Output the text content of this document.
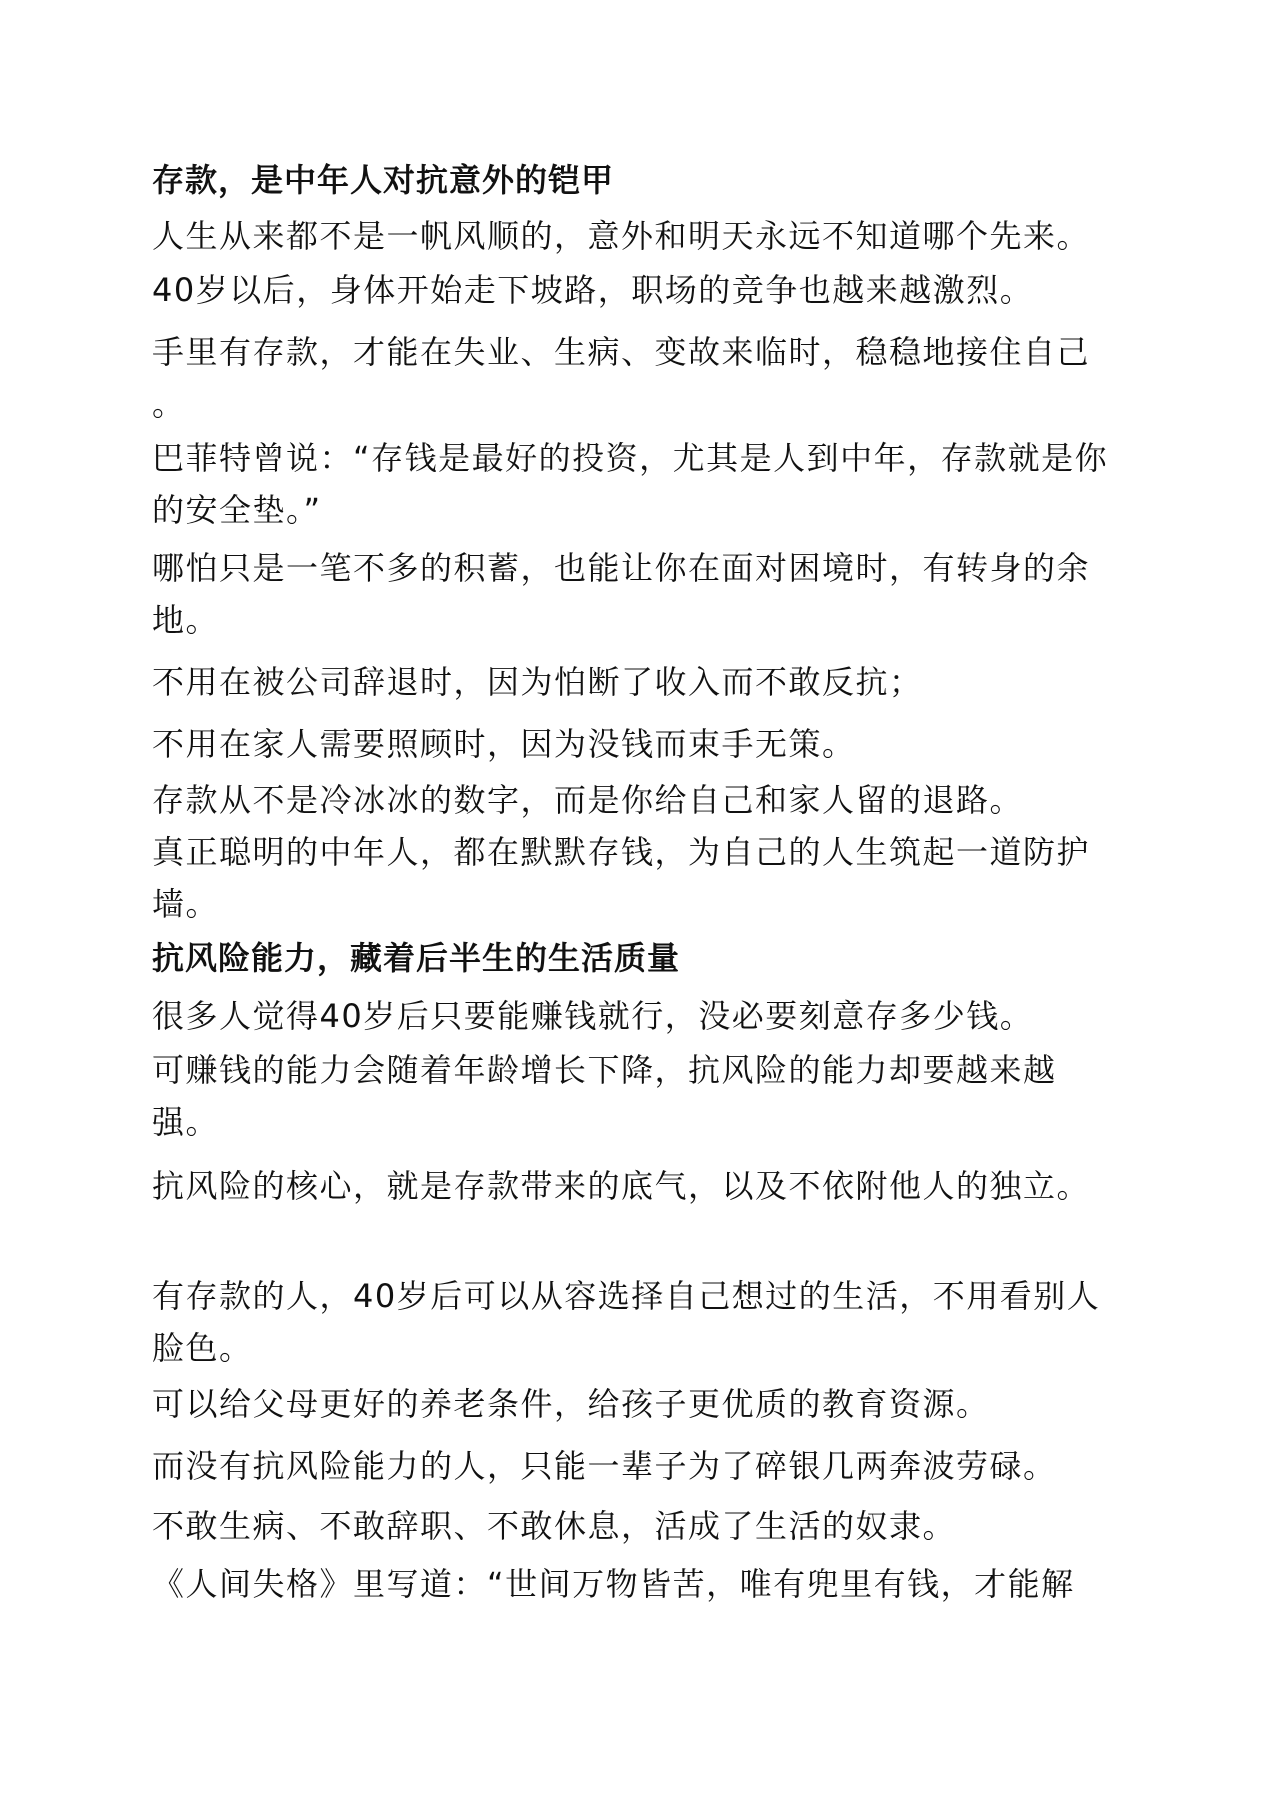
存款，是中年人对抗意外的铠甲

人生从来都不是一帆风顺的，意外和明天永远不知道哪个先来。

40岁以后，身体开始走下坡路，职场的竞争也越来越激烈。

手里有存款，才能在失业、生病、变故来临时，稳稳地接住自己 。

巴菲特曾说：“存钱是最好的投资，尤其是人到中年，存款就是你的安全垫。”

哪怕只是一笔不多的积蓄，也能让你在面对困境时，有转身的余地。

不用在被公司辞退时，因为怕断了收入而不敢反抗；

不用在家人需要照顾时，因为没钱而束手无策。

存款从不是冷冰冰的数字，而是你给自己和家人留的退路。

真正聪明的中年人，都在默默存钱，为自己的人生筑起一道防护墙。

抗风险能力，藏着后半生的生活质量

很多人觉得40岁后只要能赚钱就行，没必要刻意存多少钱。

可赚钱的能力会随着年龄增长下降，抗风险的能力却要越来越强。

抗风险的核心，就是存款带来的底气，以及不依附他人的独立。

有存款的人，40岁后可以从容选择自己想过的生活，不用看别人脸色。

可以给父母更好的养老条件，给孩子更优质的教育资源。

而没有抗风险能力的人，只能一辈子为了碎银几两奔波劳碌。

不敢生病、不敢辞职、不敢休息，活成了生活的奴隶。

《人间失格》里写道：“世间万物皆苦，唯有兜里有钱，才能解
